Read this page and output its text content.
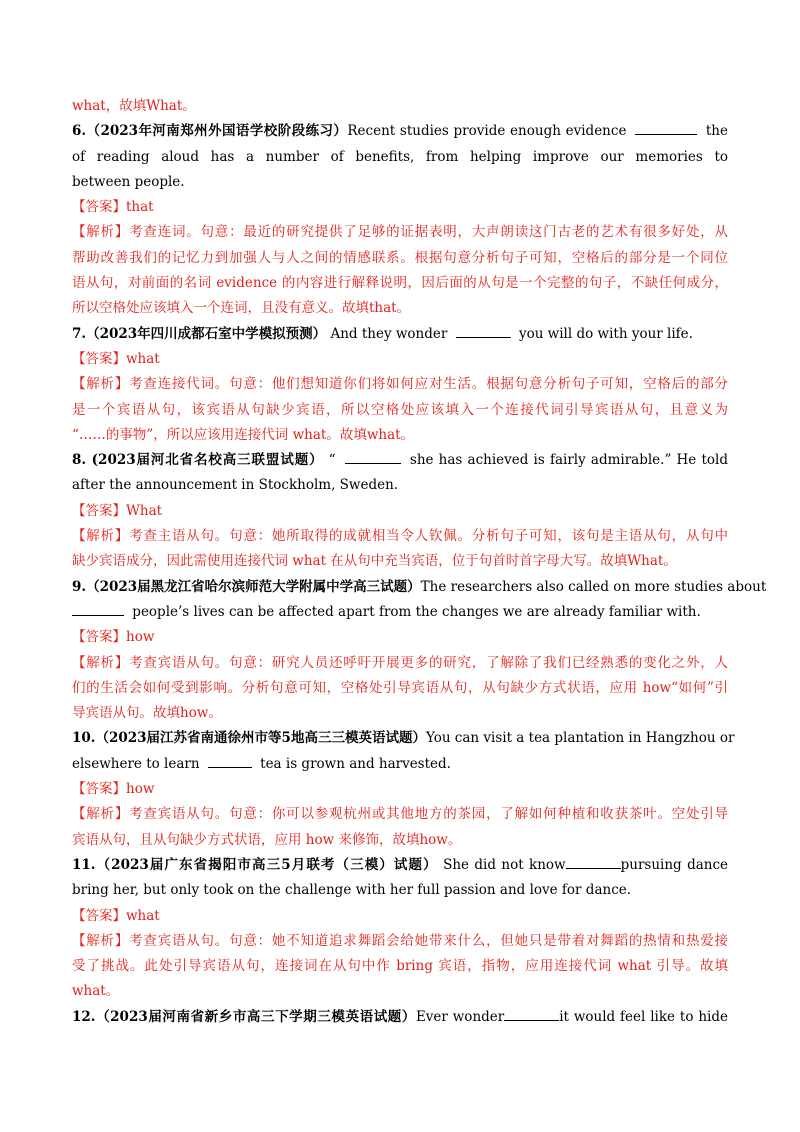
what，故填What。
6.（2023年河南郑州外国语学校阶段练习）Recent studies provide enough evidence	the
of reading aloud has a number of benefits, from helping improve our memories to
between people.
【答案】that
【解析】考查连词。句意：最近的研究提供了足够的证据表明，大声朗读这门古老的艺术有很多好处，从
帮助改善我们的记忆力到加强人与人之间的情感联系。根据句意分析句子可知，空格后的部分是一个同位
语从句，对前面的名词 evidence 的内容进行解释说明，因后面的从句是一个完整的句子，不缺任何成分，
所以空格处应该填入一个连词，且没有意义。故填that。
7.（2023年四川成都石室中学模拟预测） And they wonder	you will do with your life.
【答案】what
【解析】考查连接代词。句意：他们想知道你们将如何应对生活。根据句意分析句子可知，空格后的部分
是一个宾语从句，该宾语从句缺少宾语，所以空格处应该填入一个连接代词引导宾语从句，且意义为
“……的事物”，所以应该用连接代词 what。故填what。
8. (2023届河北省名校高三联盟试题） “	she has achieved is fairly admirable.” He told
after the announcement in Stockholm, Sweden.
【答案】What
【解析】考查主语从句。句意：她所取得的成就相当令人钦佩。分析句子可知，该句是主语从句，从句中
缺少宾语成分，因此需使用连接代词 what 在从句中充当宾语，位于句首时首字母大写。故填What。
9.（2023届黑龙江省哈尔滨师范大学附属中学高三试题）The researchers also called on more studies about
people’s lives can be affected apart from the changes we are already familiar with.
【答案】how
【解析】考查宾语从句。句意：研究人员还呼吁开展更多的研究，了解除了我们已经熟悉的变化之外，人
们的生活会如何受到影响。分析句意可知，空格处引导宾语从句，从句缺少方式状语，应用 how“如何”引
导宾语从句。故填how。
10.（2023届江苏省南通徐州市等5地高三三模英语试题）You can visit a tea plantation in Hangzhou or
elsewhere to learn	tea is grown and harvested.
【答案】how
【解析】考查宾语从句。句意：你可以参观杭州或其他地方的茶园，了解如何种植和收获茶叶。空处引导
宾语从句，且从句缺少方式状语，应用 how 来修饰，故填how。
11.（2023届广东省揭阳市高三5月联考（三模）试题） She did not know	pursuing dance
bring her, but only took on the challenge with her full passion and love for dance.
【答案】what
【解析】考查宾语从句。句意：她不知道追求舞蹈会给她带来什么，但她只是带着对舞蹈的热情和热爱接
受了挑战。此处引导宾语从句，连接词在从句中作 bring 宾语，指物，应用连接代词 what 引导。故填
what。
12.（2023届河南省新乡市高三下学期三模英语试题）Ever wonder	it would feel like to hide
